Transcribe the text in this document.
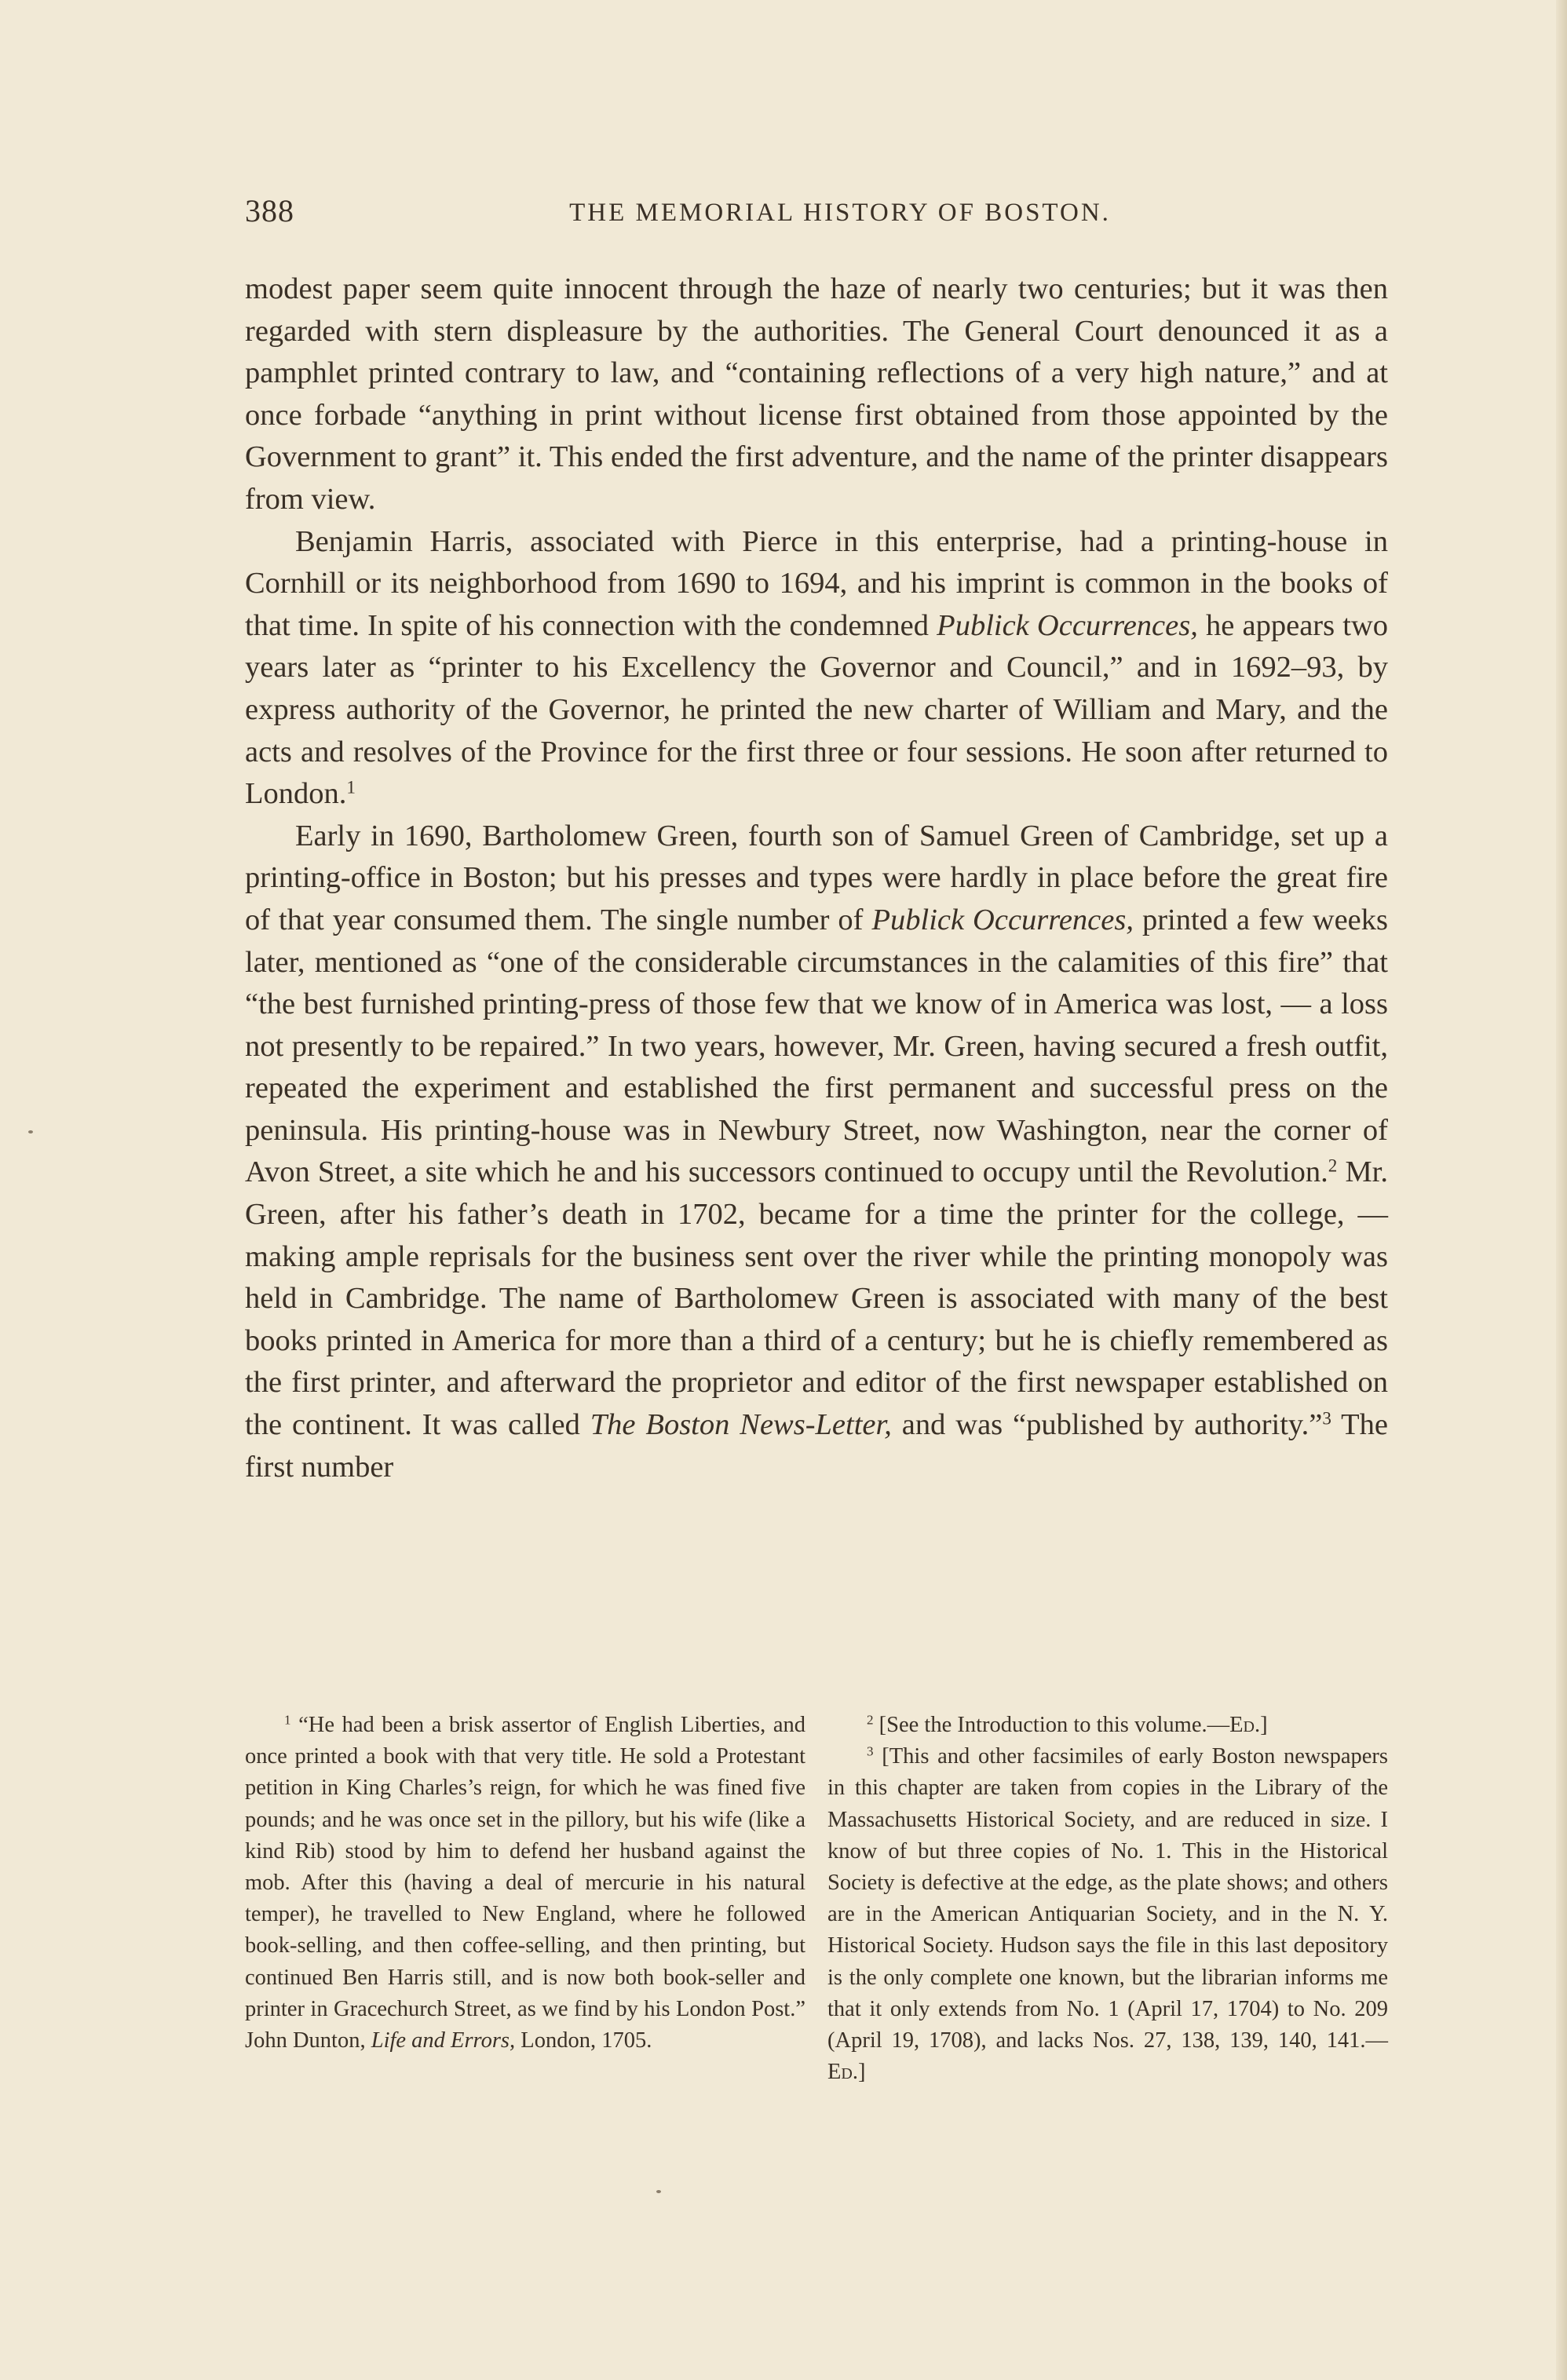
388	THE MEMORIAL HISTORY OF BOSTON.

modest paper seem quite innocent through the haze of nearly two centuries; but it was then regarded with stern displeasure by the authorities. The General Court denounced it as a pamphlet printed contrary to law, and “containing reflections of a very high nature,” and at once forbade “anything in print without license first obtained from those appointed by the Government to grant” it. This ended the first adventure, and the name of the printer disappears from view.

Benjamin Harris, associated with Pierce in this enterprise, had a printing-house in Cornhill or its neighborhood from 1690 to 1694, and his imprint is common in the books of that time. In spite of his connection with the condemned Publick Occurrences, he appears two years later as “printer to his Excellency the Governor and Council,” and in 1692–93, by express authority of the Governor, he printed the new charter of William and Mary, and the acts and resolves of the Province for the first three or four sessions. He soon after returned to London.$^1$

Early in 1690, Bartholomew Green, fourth son of Samuel Green of Cambridge, set up a printing-office in Boston; but his presses and types were hardly in place before the great fire of that year consumed them. The single number of Publick Occurrences, printed a few weeks later, mentioned as “one of the considerable circumstances in the calamities of this fire” that “the best furnished printing-press of those few that we know of in America was lost, — a loss not presently to be repaired.” In two years, however, Mr. Green, having secured a fresh outfit, repeated the experiment and established the first permanent and successful press on the peninsula. His printing-house was in Newbury Street, now Washington, near the corner of Avon Street, a site which he and his successors continued to occupy until the Revolution.$^2$ Mr. Green, after his father’s death in 1702, became for a time the printer for the college, — making ample reprisals for the business sent over the river while the printing monopoly was held in Cambridge. The name of Bartholomew Green is associated with many of the best books printed in America for more than a third of a century; but he is chiefly remembered as the first printer, and afterward the proprietor and editor of the first newspaper established on the continent. It was called The Boston News-Letter, and was “published by authority.”$^3$ The first number

$^1$ “He had been a brisk assertor of English Liberties, and once printed a book with that very title. He sold a Protestant petition in King Charles’s reign, for which he was fined five pounds; and he was once set in the pillory, but his wife (like a kind Rib) stood by him to defend her husband against the mob. After this (having a deal of mercurie in his natural temper), he travelled to New England, where he followed book-selling, and then coffee-selling, and then printing, but continued Ben Harris still, and is now both book-seller and printer in Gracechurch Street, as we find by his London Post.” John Dunton, Life and Errors, London, 1705.

$^2$ [See the Introduction to this volume.—Ed.]

$^3$ [This and other facsimiles of early Boston newspapers in this chapter are taken from copies in the Library of the Massachusetts Historical Society, and are reduced in size. I know of but three copies of No. 1. This in the Historical Society is defective at the edge, as the plate shows; and others are in the American Antiquarian Society, and in the N. Y. Historical Society. Hudson says the file in this last depository is the only complete one known, but the librarian informs me that it only extends from No. 1 (April 17, 1704) to No. 209 (April 19, 1708), and lacks Nos. 27, 138, 139, 140, 141.— Ed.]
